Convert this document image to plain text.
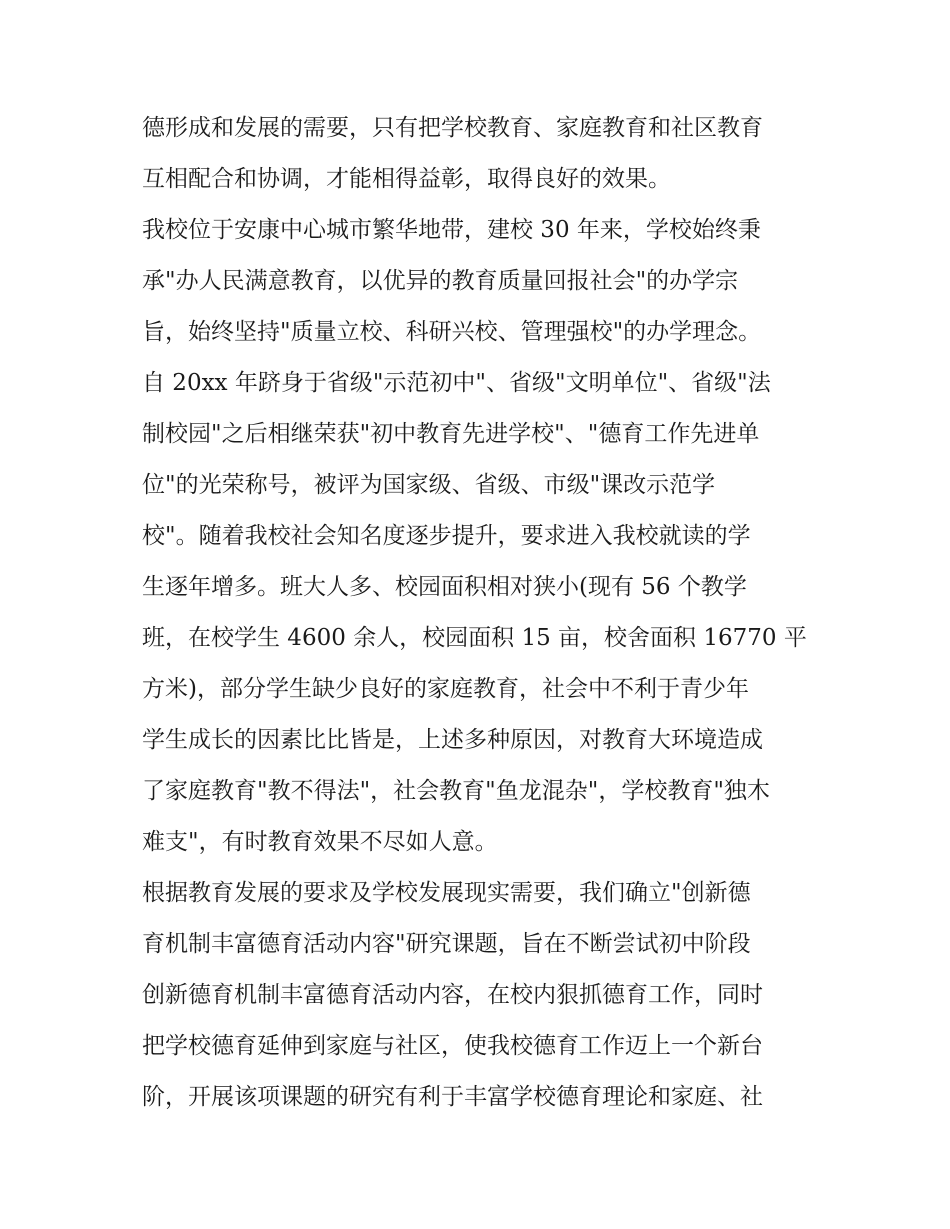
德形成和发展的需要，只有把学校教育、家庭教育和社区教育
互相配合和协调，才能相得益彰，取得良好的效果。
我校位于安康中心城市繁华地带，建校 30 年来，学校始终秉
承"办人民满意教育，以优异的教育质量回报社会"的办学宗
旨，始终坚持"质量立校、科研兴校、管理强校"的办学理念。
自 20xx 年跻身于省级"示范初中"、省级"文明单位"、省级"法
制校园"之后相继荣获"初中教育先进学校"、"德育工作先进单
位"的光荣称号，被评为国家级、省级、市级"课改示范学
校"。随着我校社会知名度逐步提升，要求进入我校就读的学
生逐年增多。班大人多、校园面积相对狭小(现有 56 个教学
班，在校学生 4600 余人，校园面积 15 亩，校舍面积 16770 平
方米)，部分学生缺少良好的家庭教育，社会中不利于青少年
学生成长的因素比比皆是，上述多种原因，对教育大环境造成
了家庭教育"教不得法"，社会教育"鱼龙混杂"，学校教育"独木
难支"，有时教育效果不尽如人意。
根据教育发展的要求及学校发展现实需要，我们确立"创新德
育机制丰富德育活动内容"研究课题，旨在不断尝试初中阶段
创新德育机制丰富德育活动内容，在校内狠抓德育工作，同时
把学校德育延伸到家庭与社区，使我校德育工作迈上一个新台
阶，开展该项课题的研究有利于丰富学校德育理论和家庭、社
